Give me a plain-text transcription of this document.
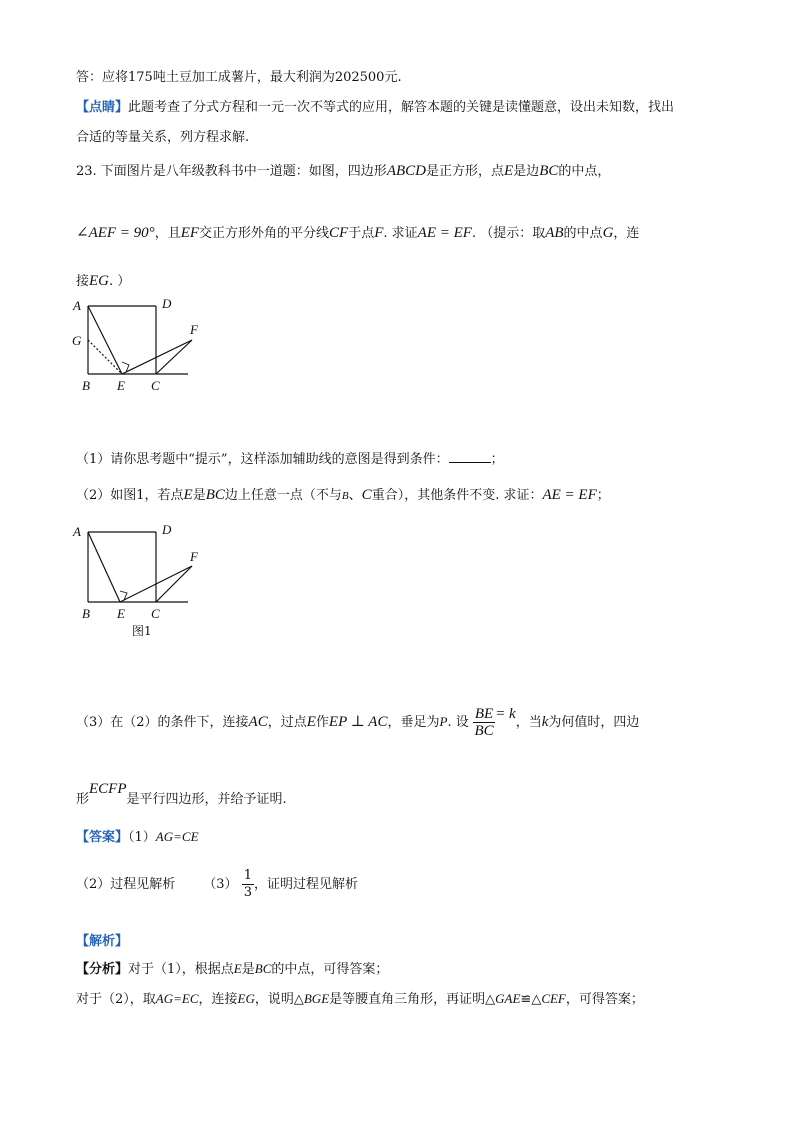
答：应将175吨土豆加工成薯片，最大利润为202500元.
【点睛】此题考查了分式方程和一元一次不等式的应用，解答本题的关键是读懂题意，设出未知数，找出
合适的等量关系，列方程求解.
23. 下面图片是八年级教科书中一道题：如图，四边形ABCD是正方形，点E是边BC的中点，
∠AEF = 90°，且EF交正方形外角的平分线CF于点F. 求证AE = EF. （提示：取AB的中点G，连
接EG. ）
A	D
G
F
B E C
（1）请你思考题中“提示”，这样添加辅助线的意图是得到条件：	；
（2）如图1，若点E是BC边上任意一点（不与B、C重合），其他条件不变. 求证：AE = EF；
A	D
F
B E C
图1
（3）在（2）的条件下，连接AC，过点E作EP ⊥ AC，垂足为P. 设 $\frac{BE}{BC} = k$，当k为何值时，四边
形ECFP是平行四边形，并给予证明.
【答案】（1）AG=CE
（2）过程见解析 $(3) \frac{1}{3}$ ，证明过程见解析
【解析】
【分析】对于（1），根据点E是BC的中点，可得答案；
对于（2），取AG=EC，连接EG，说明△BGE是等腰直角三角形，再证明△GAE≌△CEF，可得答案；
